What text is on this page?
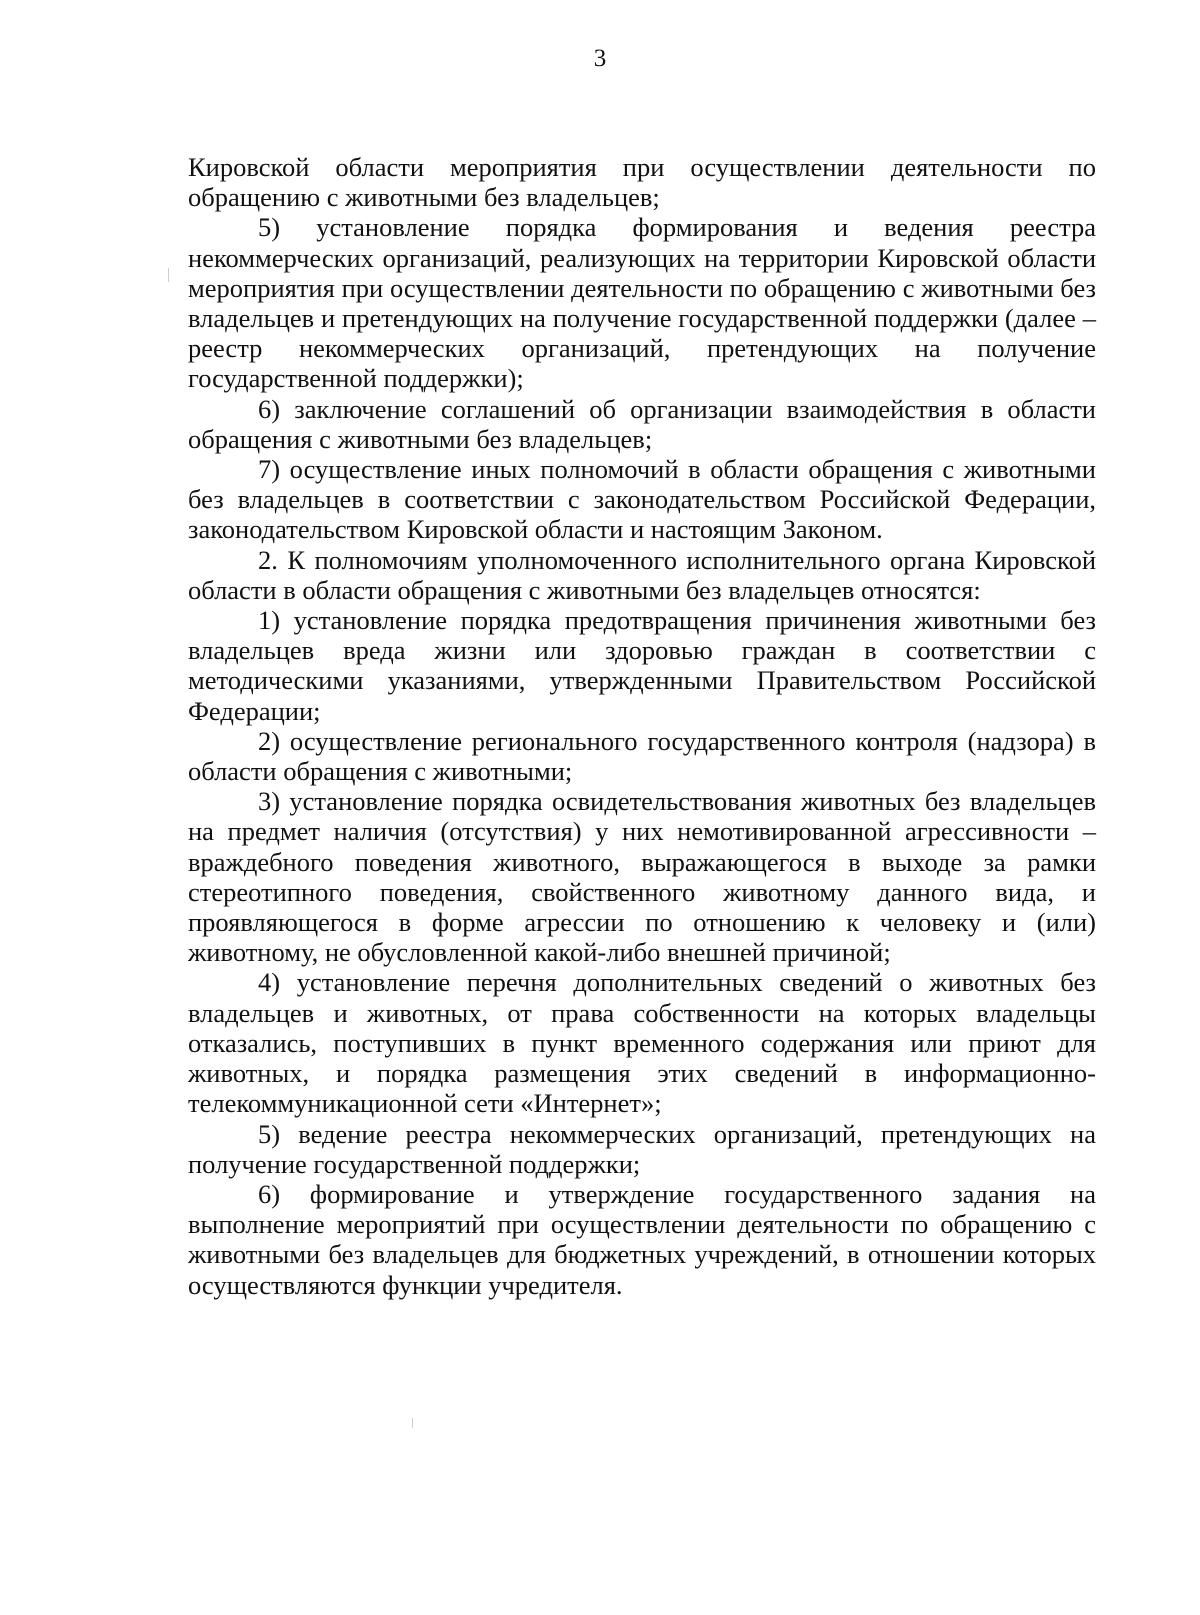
3

Кировской области мероприятия при осуществлении деятельности по обращению с животными без владельцев;

5) установление порядка формирования и ведения реестра некоммерческих организаций, реализующих на территории Кировской области мероприятия при осуществлении деятельности по обращению с животными без владельцев и претендующих на получение государственной поддержки (далее – реестр некоммерческих организаций, претендующих на получение государственной поддержки);

6) заключение соглашений об организации взаимодействия в области обращения с животными без владельцев;

7) осуществление иных полномочий в области обращения с животными без владельцев в соответствии с законодательством Российской Федерации, законодательством Кировской области и настоящим Законом.

2. К полномочиям уполномоченного исполнительного органа Кировской области в области обращения с животными без владельцев относятся:

1) установление порядка предотвращения причинения животными без владельцев вреда жизни или здоровью граждан в соответствии с методическими указаниями, утвержденными Правительством Российской Федерации;

2) осуществление регионального государственного контроля (надзора) в области обращения с животными;

3) установление порядка освидетельствования животных без владельцев на предмет наличия (отсутствия) у них немотивированной агрессивности – враждебного поведения животного, выражающегося в выходе за рамки стереотипного поведения, свойственного животному данного вида, и проявляющегося в форме агрессии по отношению к человеку и (или) животному, не обусловленной какой-либо внешней причиной;

4) установление перечня дополнительных сведений о животных без владельцев и животных, от права собственности на которых владельцы отказались, поступивших в пункт временного содержания или приют для животных, и порядка размещения этих сведений в информационно-телекоммуникационной сети «Интернет»;

5) ведение реестра некоммерческих организаций, претендующих на получение государственной поддержки;

6) формирование и утверждение государственного задания на выполнение мероприятий при осуществлении деятельности по обращению с животными без владельцев для бюджетных учреждений, в отношении которых осуществляются функции учредителя.
